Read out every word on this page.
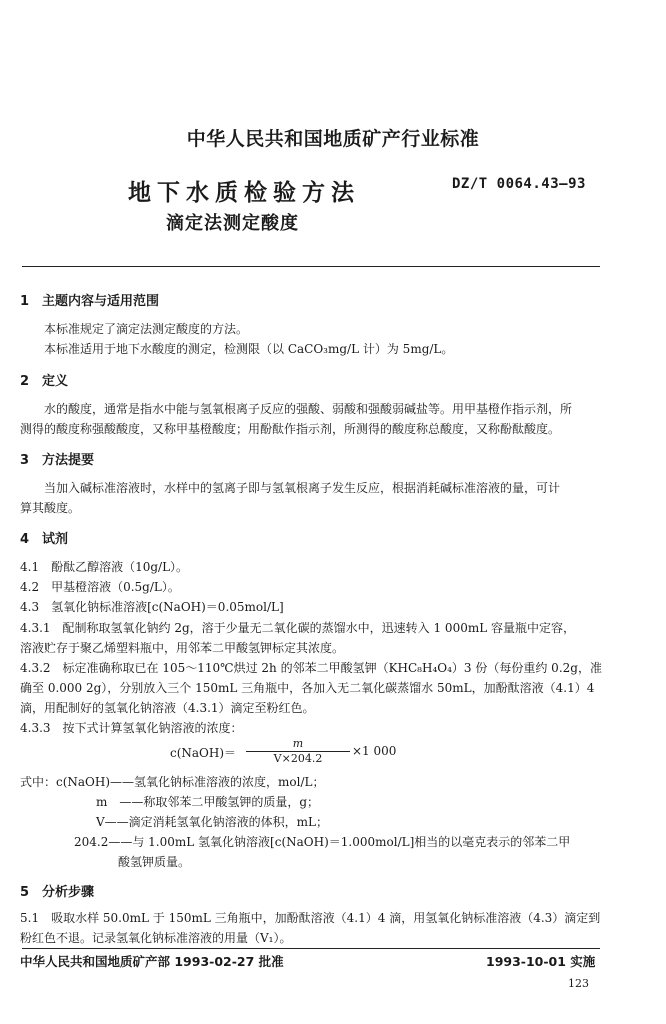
中华人民共和国地质矿产行业标准
地下水质检验方法
滴定法测定酸度
DZ/T 0064.43—93
1　主题内容与适用范围
本标准规定了滴定法测定酸度的方法。
本标准适用于地下水酸度的测定，检测限（以 CaCO₃mg/L 计）为 5mg/L。
2　定义
水的酸度，通常是指水中能与氢氧根离子反应的强酸、弱酸和强酸弱碱盐等。用甲基橙作指示剂，所
测得的酸度称强酸酸度，又称甲基橙酸度；用酚酞作指示剂，所测得的酸度称总酸度，又称酚酞酸度。
3　方法提要
当加入碱标准溶液时，水样中的氢离子即与氢氧根离子发生反应，根据消耗碱标准溶液的量，可计
算其酸度。
4　试剂
4.1　酚酞乙醇溶液（10g/L）。
4.2　甲基橙溶液（0.5g/L）。
4.3　氢氧化钠标准溶液[c(NaOH)＝0.05mol/L]
4.3.1　配制称取氢氧化钠约 2g，溶于少量无二氧化碳的蒸馏水中，迅速转入 1 000mL 容量瓶中定容，
溶液贮存于聚乙烯塑料瓶中，用邻苯二甲酸氢钾标定其浓度。
4.3.2　标定准确称取已在 105～110℃烘过 2h 的邻苯二甲酸氢钾（KHC₈H₄O₄）3 份（每份重约 0.2g，准
确至 0.000 2g），分别放入三个 150mL 三角瓶中，各加入无二氧化碳蒸馏水 50mL，加酚酞溶液（4.1）4
滴，用配制好的氢氧化钠溶液（4.3.1）滴定至粉红色。
4.3.3　按下式计算氢氧化钠溶液的浓度：
c(NaOH)＝
m
V×204.2
×1 000
式中：c(NaOH)——氢氧化钠标准溶液的浓度，mol/L；
m　——称取邻苯二甲酸氢钾的质量，g；
V——滴定消耗氢氧化钠溶液的体积，mL；
204.2——与 1.00mL 氢氧化钠溶液[c(NaOH)＝1.000mol/L]相当的以毫克表示的邻苯二甲
酸氢钾质量。
5　分析步骤
5.1　吸取水样 50.0mL 于 150mL 三角瓶中，加酚酞溶液（4.1）4 滴，用氢氧化钠标准溶液（4.3）滴定到
粉红色不退。记录氢氧化钠标准溶液的用量（V₁）。
中华人民共和国地质矿产部 1993-02-27 批准	1993-10-01 实施
123
